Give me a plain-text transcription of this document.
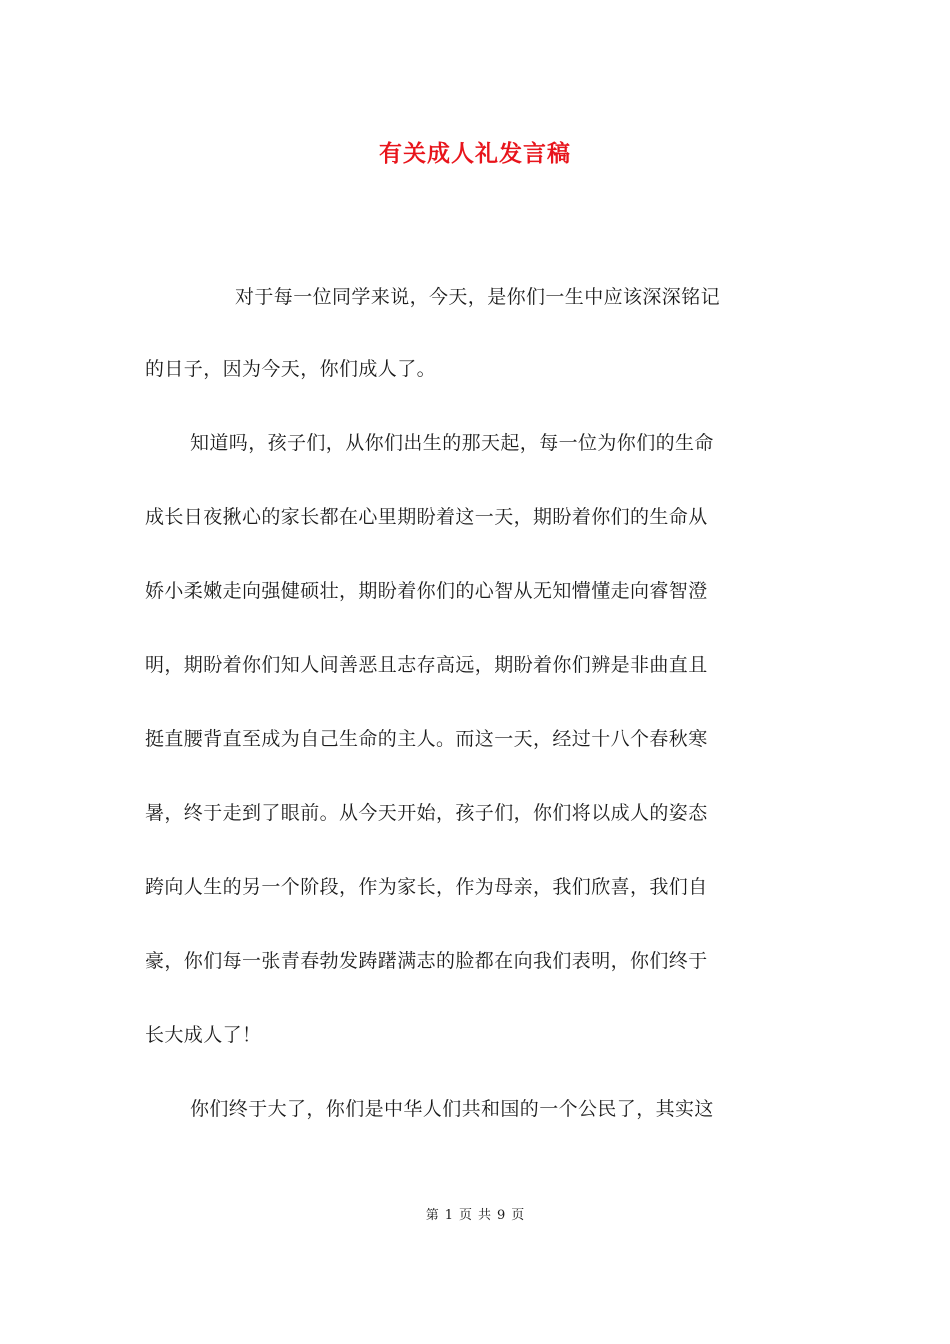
有关成人礼发言稿
对于每一位同学来说，今天，是你们一生中应该深深铭记
的日子，因为今天，你们成人了。
知道吗，孩子们，从你们出生的那天起，每一位为你们的生命
成长日夜揪心的家长都在心里期盼着这一天，期盼着你们的生命从
娇小柔嫩走向强健硕壮，期盼着你们的心智从无知懵懂走向睿智澄
明，期盼着你们知人间善恶且志存高远，期盼着你们辨是非曲直且
挺直腰背直至成为自己生命的主人。而这一天，经过十八个春秋寒
暑，终于走到了眼前。从今天开始，孩子们，你们将以成人的姿态
跨向人生的另一个阶段，作为家长，作为母亲，我们欣喜，我们自
豪，你们每一张青春勃发踌躇满志的脸都在向我们表明，你们终于
长大成人了！
你们终于大了，你们是中华人们共和国的一个公民了，其实这
第 1 页 共 9 页
